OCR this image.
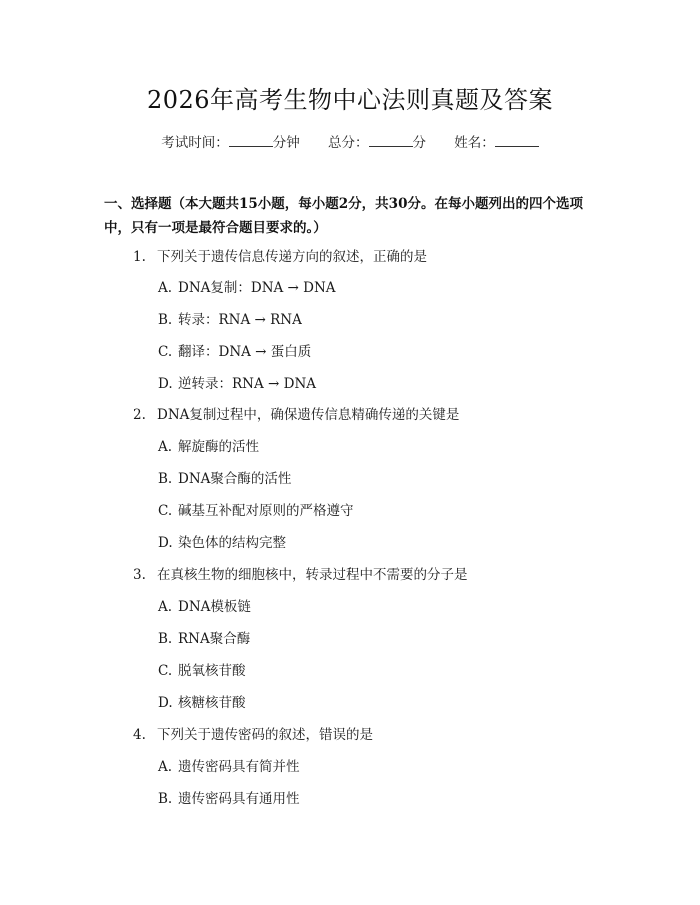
2026年高考生物中心法则真题及答案
考试时间：	分钟 总分：	分 姓名：
一、选择题（本大题共15小题，每小题2分，共30分。在每小题列出的四个选项中，只有一项是最符合题目要求的。）
1. 下列关于遗传信息传递方向的叙述，正确的是
A. DNA复制：DNA → DNA
B. 转录：RNA → RNA
C. 翻译：DNA → 蛋白质
D. 逆转录：RNA → DNA
2. DNA复制过程中，确保遗传信息精确传递的关键是
A. 解旋酶的活性
B. DNA聚合酶的活性
C. 碱基互补配对原则的严格遵守
D. 染色体的结构完整
3. 在真核生物的细胞核中，转录过程中不需要的分子是
A. DNA模板链
B. RNA聚合酶
C. 脱氧核苷酸
D. 核糖核苷酸
4. 下列关于遗传密码的叙述，错误的是
A. 遗传密码具有简并性
B. 遗传密码具有通用性
